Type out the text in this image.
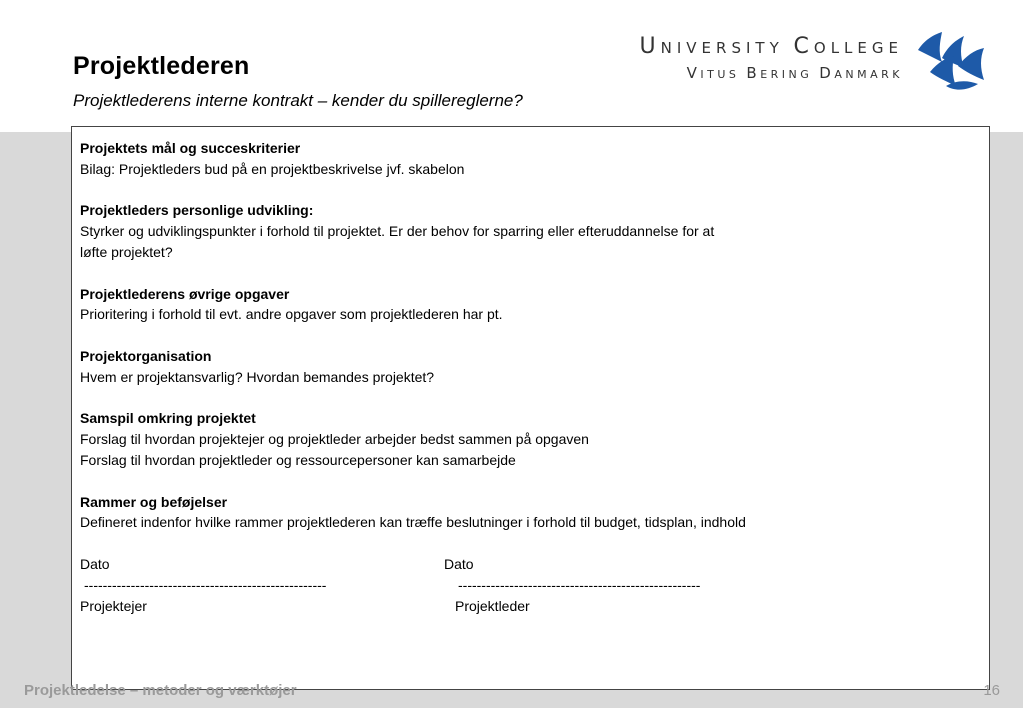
Projektlederen
Projektlederens interne kontrakt – kender du spillereglerne?
UNIVERSITY COLLEGE
VITUS BERING DANMARK
Projektets mål og succeskriterier
Bilag: Projektleders bud på en projektbeskrivelse jvf. skabelon
Projektleders personlige udvikling:
Styrker og udviklingspunkter i forhold til projektet. Er der behov for sparring eller efteruddannelse for at
løfte projektet?
Projektlederens øvrige opgaver
Prioritering i forhold til evt. andre opgaver som projektlederen har pt.
Projektorganisation
Hvem er projektansvarlig? Hvordan bemandes projektet?
Samspil omkring projektet
Forslag til hvordan projektejer og projektleder arbejder bedst sammen på opgaven
Forslag til hvordan projektleder og ressourcepersoner kan samarbejde
Rammer og beføjelser
Defineret indenfor hvilke rammer projektlederen kan træffe beslutninger i forhold til budget, tidsplan, indhold
Dato
----------------------------------------------------
Projektejer
Dato
----------------------------------------------------
Projektleder
Projektledelse – metoder og værktøjer	16
